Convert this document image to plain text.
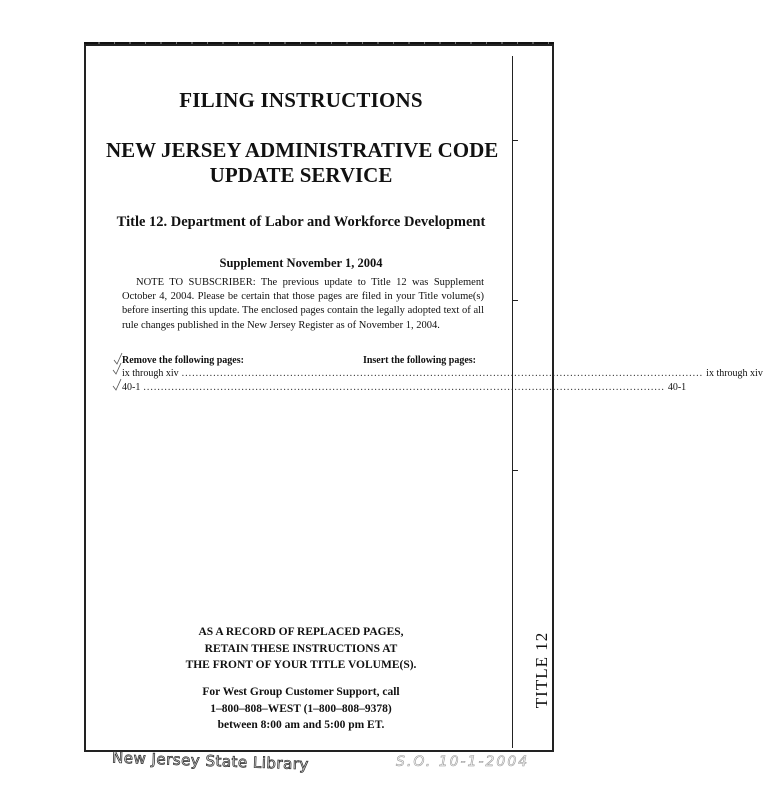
FILING INSTRUCTIONS
NEW JERSEY ADMINISTRATIVE CODE
UPDATE SERVICE
Title 12. Department of Labor and Workforce Development
Supplement November 1, 2004
NOTE TO SUBSCRIBER: The previous update to Title 12 was Supplement October 4, 2004. Please be certain that those pages are filed in your Title volume(s) before inserting this update. The enclosed pages contain the legally adopted text of all rule changes published in the New Jersey Register as of November 1, 2004.
Remove the following pages:	Insert the following pages:
ix through xiv ..................................................................................................................................................... ix through xiv
40-1 ..................................................................................................................................................... 40-1
AS A RECORD OF REPLACED PAGES,
RETAIN THESE INSTRUCTIONS AT
THE FRONT OF YOUR TITLE VOLUME(S).
For West Group Customer Support, call
1–800–808–WEST (1–800–808–9378)
between 8:00 am and 5:00 pm ET.
TITLE 12
New Jersey State Library	S.O. 10-1-2004
